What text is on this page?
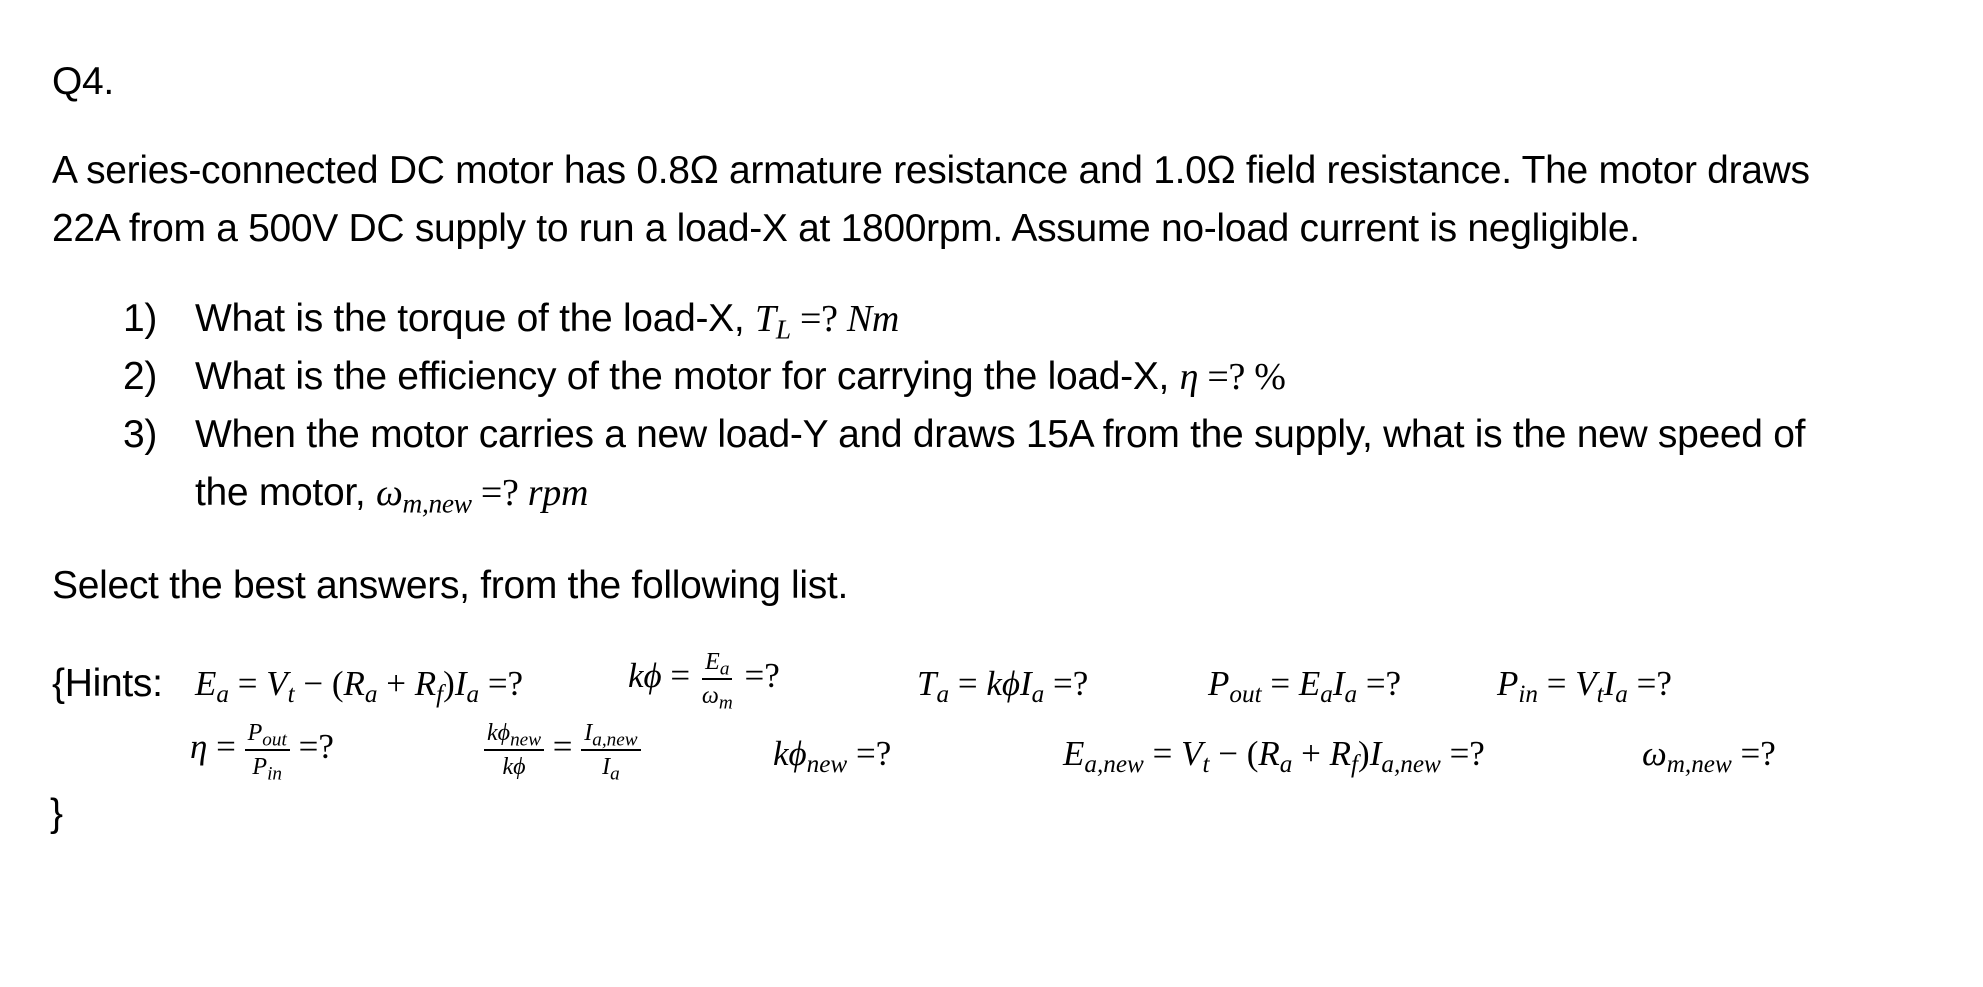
Q4.
A series-connected DC motor has 0.8Ω armature resistance and 1.0Ω field resistance. The motor draws
22A from a 500V DC supply to run a load-X at 1800rpm. Assume no-load current is negligible.
1) What is the torque of the load-X, $T_L$ =? Nm
2) What is the efficiency of the motor for carrying the load-X, η =? %
3) When the motor carries a new load-Y and draws 15A from the supply, what is the new speed of
the motor, $\omega_{m,new}$ =? rpm
Select the best answers, from the following list.
{Hints: $E_a = V_t - (R_a + R_f)I_a$ =?	$k\phi = \frac{E_a}{\omega_m}$ =?	$T_a = k\phi I_a$ =?	$P_{out} = E_aI_a$ =?	$P_{in} = V_tI_a$ =?
$\eta = \frac{P_{out}}{P_{in}}$ =?	$\frac{k\phi_{new}}{k\phi} = \frac{I_{a,new}}{I_a}$	$k\phi_{new}$ =?	$E_{a,new} = V_t - (R_a + R_f)I_{a,new}$ =?	$\omega_{m,new}$ =?
}
